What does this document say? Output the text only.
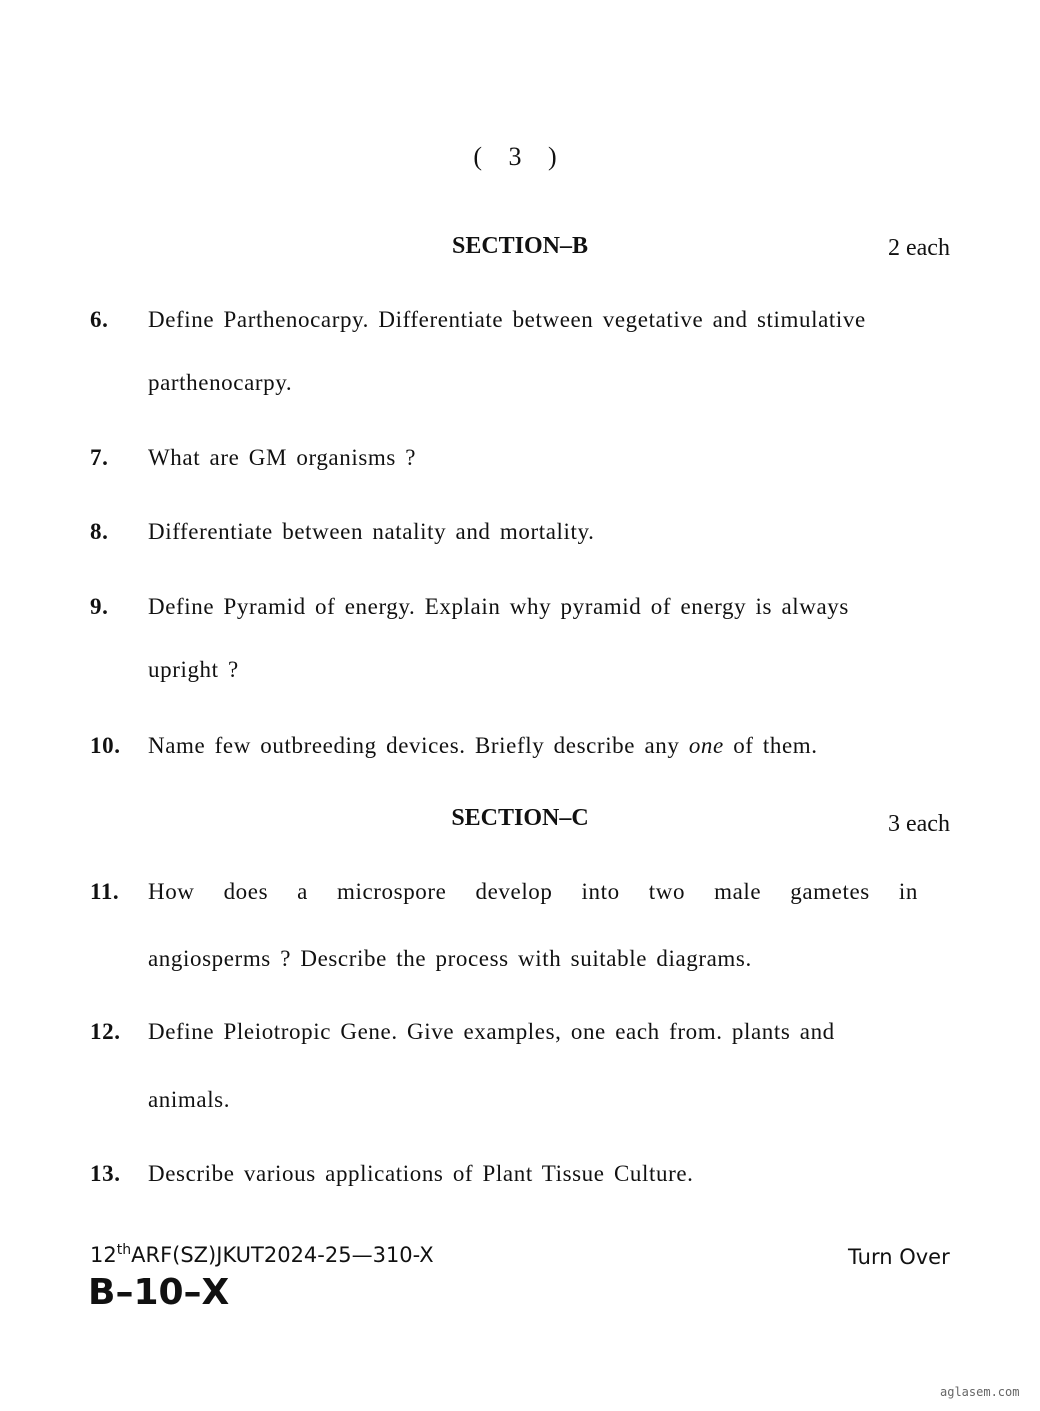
( 3 )
SECTION–B	2 each
6. Define Parthenocarpy. Differentiate between vegetative and stimulative
parthenocarpy.
7. What are GM organisms ?
8. Differentiate between natality and mortality.
9. Define Pyramid of energy. Explain why pyramid of energy is always
upright ?
10. Name few outbreeding devices. Briefly describe any one of them.
SECTION–C	3 each
11. How does a microspore develop into two male gametes in
angiosperms ? Describe the process with suitable diagrams.
12. Define Pleiotropic Gene. Give examples, one each from. plants and
animals.
13. Describe various applications of Plant Tissue Culture.
12thARF(SZ)JKUT2024-25—310-X	Turn Over
B–10–X
aglasem.com
